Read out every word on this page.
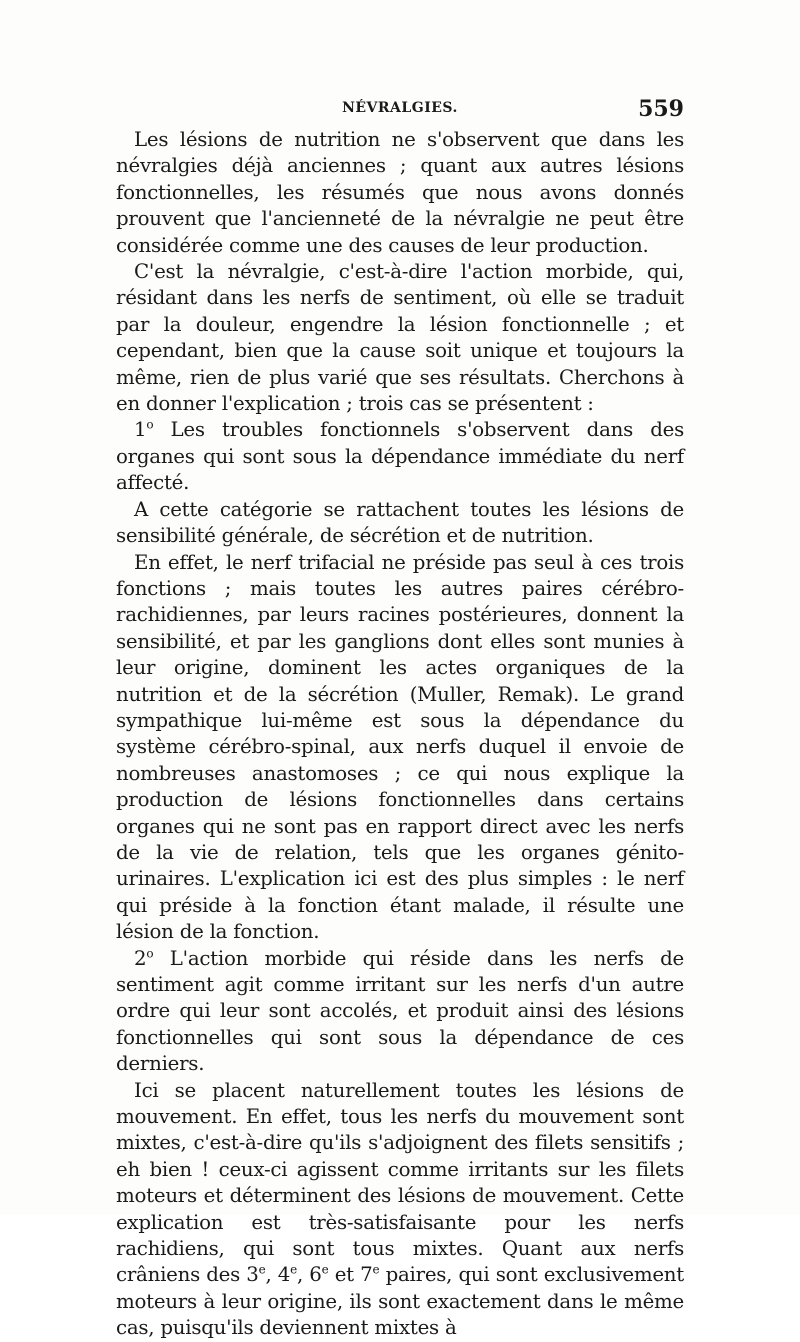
NÉVRALGIES.	559

Les lésions de nutrition ne s'observent que dans les névralgies déjà anciennes ; quant aux autres lésions fonctionnelles, les résumés que nous avons donnés prouvent que l'ancienneté de la névralgie ne peut être considérée comme une des causes de leur production.

C'est la névralgie, c'est-à-dire l'action morbide, qui, résidant dans les nerfs de sentiment, où elle se traduit par la douleur, engendre la lésion fonctionnelle ; et cependant, bien que la cause soit unique et toujours la même, rien de plus varié que ses résultats. Cherchons à en donner l'explication ; trois cas se présentent :

1$^o$ Les troubles fonctionnels s'observent dans des organes qui sont sous la dépendance immédiate du nerf affecté.

A cette catégorie se rattachent toutes les lésions de sensibilité générale, de sécrétion et de nutrition.

En effet, le nerf trifacial ne préside pas seul à ces trois fonctions ; mais toutes les autres paires cérébro-rachidiennes, par leurs racines postérieures, donnent la sensibilité, et par les ganglions dont elles sont munies à leur origine, dominent les actes organiques de la nutrition et de la sécrétion (Muller, Remak). Le grand sympathique lui-même est sous la dépendance du système cérébro-spinal, aux nerfs duquel il envoie de nombreuses anastomoses ; ce qui nous explique la production de lésions fonctionnelles dans certains organes qui ne sont pas en rapport direct avec les nerfs de la vie de relation, tels que les organes génito-urinaires. L'explication ici est des plus simples : le nerf qui préside à la fonction étant malade, il résulte une lésion de la fonction.

2$^o$ L'action morbide qui réside dans les nerfs de sentiment agit comme irritant sur les nerfs d'un autre ordre qui leur sont accolés, et produit ainsi des lésions fonctionnelles qui sont sous la dépendance de ces derniers.

Ici se placent naturellement toutes les lésions de mouvement. En effet, tous les nerfs du mouvement sont mixtes, c'est-à-dire qu'ils s'adjoignent des filets sensitifs ; eh bien ! ceux-ci agissent comme irritants sur les filets moteurs et déterminent des lésions de mouvement. Cette explication est très-satisfaisante pour les nerfs rachidiens, qui sont tous mixtes. Quant aux nerfs crâniens des 3e, 4e, 6e et 7e paires, qui sont exclusivement moteurs à leur origine, ils sont exactement dans le même cas, puisqu'ils deviennent mixtes à
